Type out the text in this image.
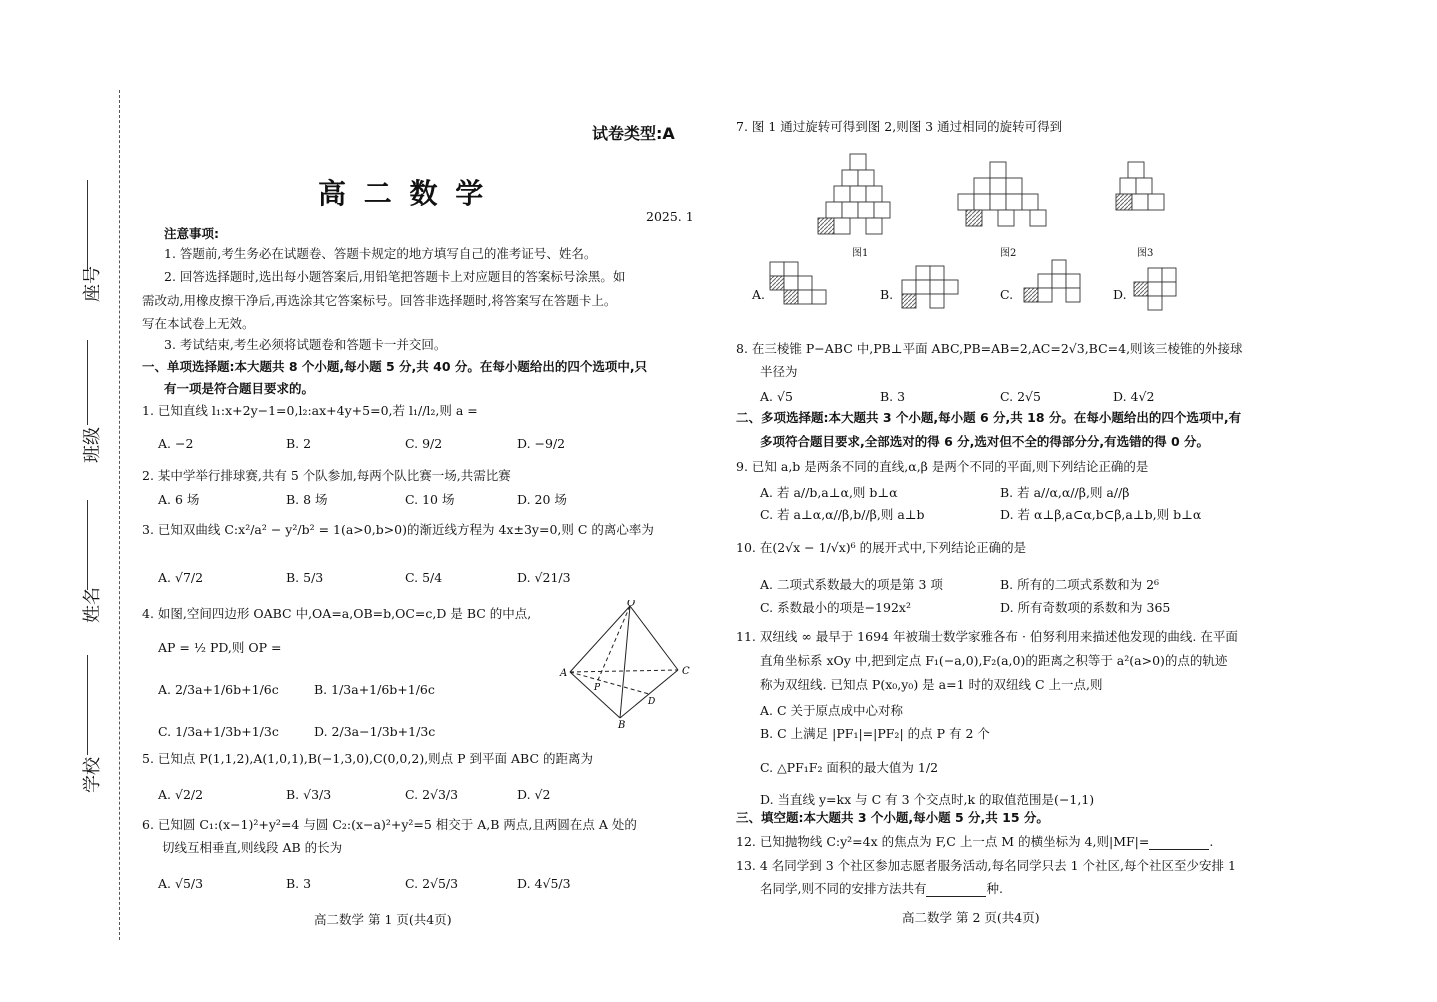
座号
班级
姓名
学校
试卷类型:A
高 二 数 学
2025. 1
注意事项:
1. 答题前,考生务必在试题卷、答题卡规定的地方填写自己的准考证号、姓名。
2. 回答选择题时,选出每小题答案后,用铅笔把答题卡上对应题目的答案标号涂黑。如
需改动,用橡皮擦干净后,再选涂其它答案标号。回答非选择题时,将答案写在答题卡上。
写在本试卷上无效。
3. 考试结束,考生必须将试题卷和答题卡一并交回。
一、单项选择题:本大题共 8 个小题,每小题 5 分,共 40 分。在每小题给出的四个选项中,只
有一项是符合题目要求的。
1. 已知直线 l₁:x+2y−1=0,l₂:ax+4y+5=0,若 l₁//l₂,则 a =
A. −2	B. 2	C. 9/2	D. −9/2
2. 某中学举行排球赛,共有 5 个队参加,每两个队比赛一场,共需比赛
A. 6 场	B. 8 场	C. 10 场	D. 20 场
3. 已知双曲线 C:x²/a² − y²/b² = 1(a>0,b>0)的渐近线方程为 4x±3y=0,则 C 的离心率为
A. √7/2	B. 5/3	C. 5/4	D. √21/3
4. 如图,空间四边形 OABC 中,OA=a,OB=b,OC=c,D 是 BC 的中点,
AP = ½ PD,则 OP =
A. 2/3a+1/6b+1/6c	B. 1/3a+1/6b+1/6c
C. 1/3a+1/3b+1/3c	D. 2/3a−1/3b+1/3c
O
A
B
C
P
D
5. 已知点 P(1,1,2),A(1,0,1),B(−1,3,0),C(0,0,2),则点 P 到平面 ABC 的距离为
A. √2/2	B. √3/3	C. 2√3/3	D. √2
6. 已知圆 C₁:(x−1)²+y²=4 与圆 C₂:(x−a)²+y²=5 相交于 A,B 两点,且两圆在点 A 处的
切线互相垂直,则线段 AB 的长为
A. √5/3	B. 3	C. 2√5/3	D. 4√5/3
高二数学 第 1 页(共4页)
7. 图 1 通过旋转可得到图 2,则图 3 通过相同的旋转可得到
图1	图2	图3
A.	B.	C.	D.
8. 在三棱锥 P−ABC 中,PB⊥平面 ABC,PB=AB=2,AC=2√3,BC=4,则该三棱锥的外接球
半径为
A. √5	B. 3	C. 2√5	D. 4√2
二、多项选择题:本大题共 3 个小题,每小题 6 分,共 18 分。在每小题给出的四个选项中,有
多项符合题目要求,全部选对的得 6 分,选对但不全的得部分分,有选错的得 0 分。
9. 已知 a,b 是两条不同的直线,α,β 是两个不同的平面,则下列结论正确的是
A. 若 a//b,a⊥α,则 b⊥α	B. 若 a//α,α//β,则 a//β
C. 若 a⊥α,α//β,b//β,则 a⊥b	D. 若 α⊥β,a⊂α,b⊂β,a⊥b,则 b⊥α
10. 在(2√x − 1/√x)⁶ 的展开式中,下列结论正确的是
A. 二项式系数最大的项是第 3 项	B. 所有的二项式系数和为 2⁶
C. 系数最小的项是−192x²	D. 所有奇数项的系数和为 365
11. 双纽线 ∞ 最早于 1694 年被瑞士数学家雅各布 · 伯努利用来描述他发现的曲线. 在平面
直角坐标系 xOy 中,把到定点 F₁(−a,0),F₂(a,0)的距离之积等于 a²(a>0)的点的轨迹
称为双纽线. 已知点 P(x₀,y₀) 是 a=1 时的双纽线 C 上一点,则
A. C 关于原点成中心对称
B. C 上满足 |PF₁|=|PF₂| 的点 P 有 2 个
C. △PF₁F₂ 面积的最大值为 1/2
D. 当直线 y=kx 与 C 有 3 个交点时,k 的取值范围是(−1,1)
三、填空题:本大题共 3 个小题,每小题 5 分,共 15 分。
12. 已知抛物线 C:y²=4x 的焦点为 F,C 上一点 M 的横坐标为 4,则|MF|=	.
13. 4 名同学到 3 个社区参加志愿者服务活动,每名同学只去 1 个社区,每个社区至少安排 1
名同学,则不同的安排方法共有	种.
高二数学 第 2 页(共4页)
